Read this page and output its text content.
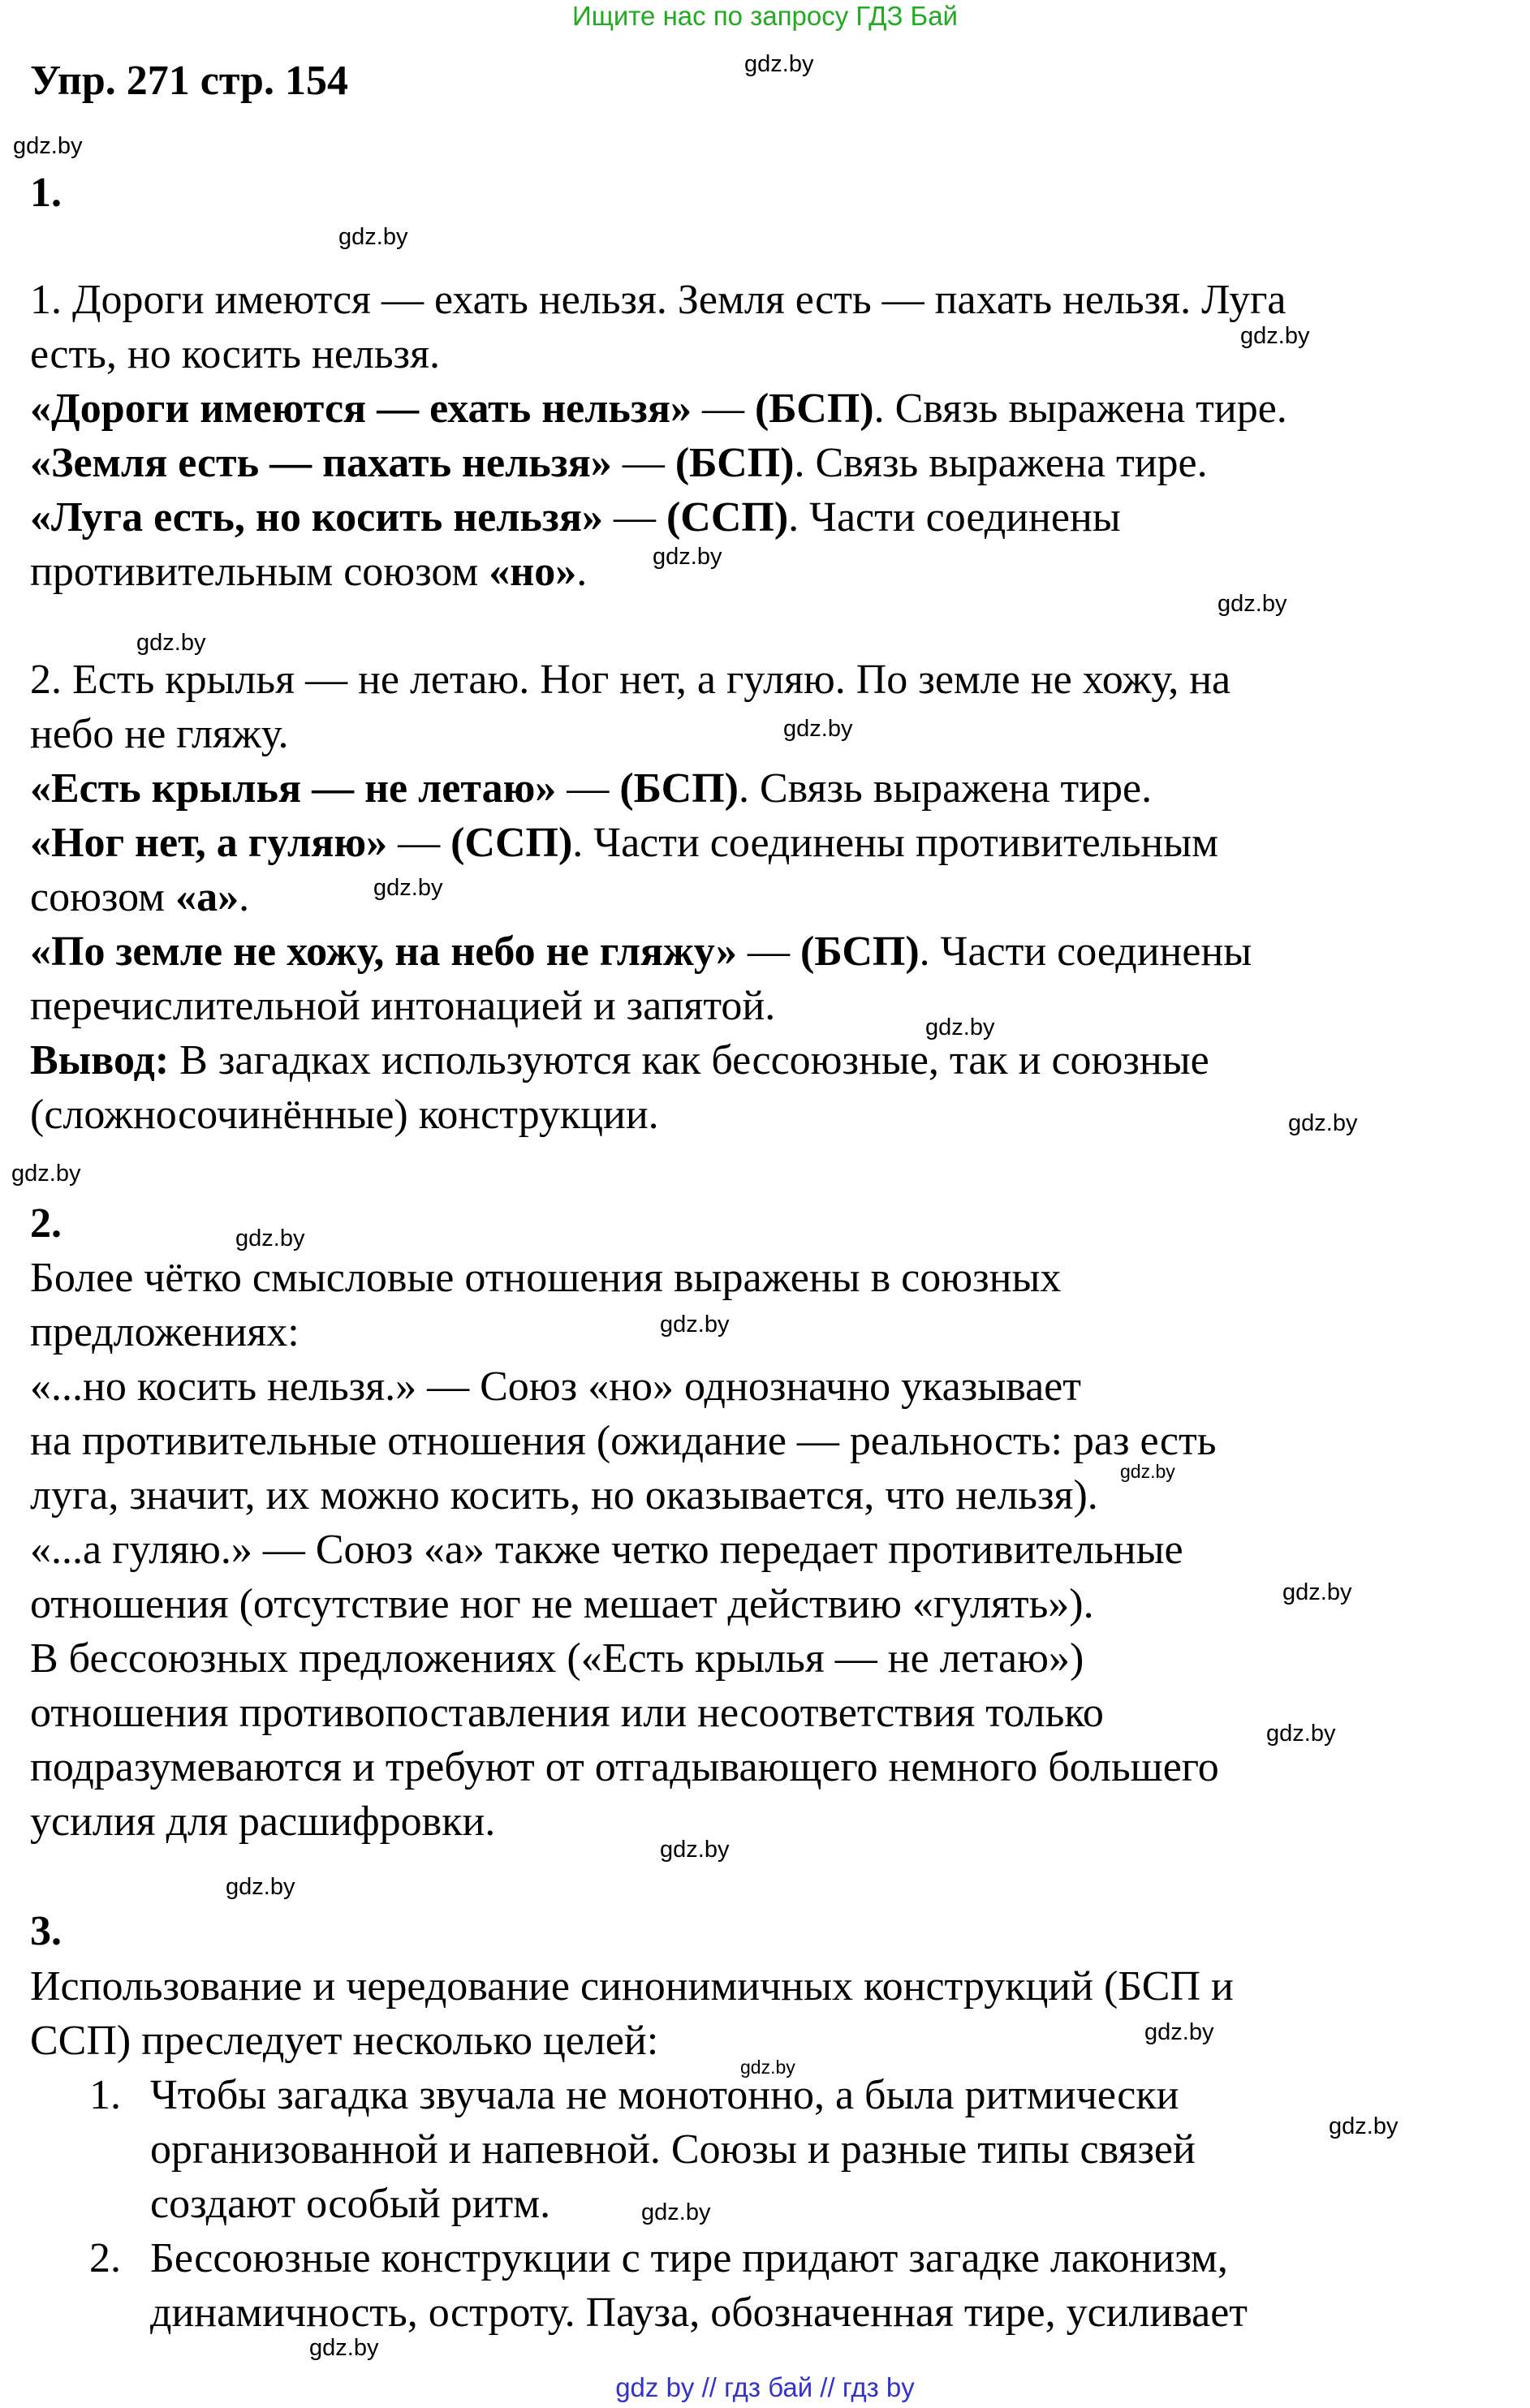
Ищите нас по запросу ГДЗ Бай
gdz by // гдз бай // гдз by
Упр. 271 стр. 154
1.
1. Дороги имеются — ехать нельзя. Земля есть — пахать нельзя. Луга
есть, но косить нельзя.
«Дороги имеются — ехать нельзя» — (БСП). Связь выражена тире.
«Земля есть — пахать нельзя» — (БСП). Связь выражена тире.
«Луга есть, но косить нельзя» — (ССП). Части соединены
противительным союзом «но».
2. Есть крылья — не летаю. Ног нет, а гуляю. По земле не хожу, на
небо не гляжу.
«Есть крылья — не летаю» — (БСП). Связь выражена тире.
«Ног нет, а гуляю» — (ССП). Части соединены противительным
союзом «а».
«По земле не хожу, на небо не гляжу» — (БСП). Части соединены
перечислительной интонацией и запятой.
Вывод: В загадках используются как бессоюзные, так и союзные
(сложносочинённые) конструкции.
2.
Более чётко смысловые отношения выражены в союзных
предложениях:
«...но косить нельзя.» — Союз «но» однозначно указывает
на противительные отношения (ожидание — реальность: раз есть
луга, значит, их можно косить, но оказывается, что нельзя).
«...а гуляю.» — Союз «а» также четко передает противительные
отношения (отсутствие ног не мешает действию «гулять»).
В бессоюзных предложениях («Есть крылья — не летаю»)
отношения противопоставления или несоответствия только
подразумеваются и требуют от отгадывающего немного большего
усилия для расшифровки.
3.
Использование и чередование синонимичных конструкций (БСП и
ССП) преследует несколько целей:
1. Чтобы загадка звучала не монотонно, а была ритмически
организованной и напевной. Союзы и разные типы связей
создают особый ритм.
2. Бессоюзные конструкции с тире придают загадке лаконизм,
динамичность, остроту. Пауза, обозначенная тире, усиливает
gdz.by
gdz.by
gdz.by
gdz.by
gdz.by
gdz.by
gdz.by
gdz.by
gdz.by
gdz.by
gdz.by
gdz.by
gdz.by
gdz.by
gdz.by
gdz.by
gdz.by
gdz.by
gdz.by
gdz.by
gdz.by
gdz.by
gdz.by
gdz.by
